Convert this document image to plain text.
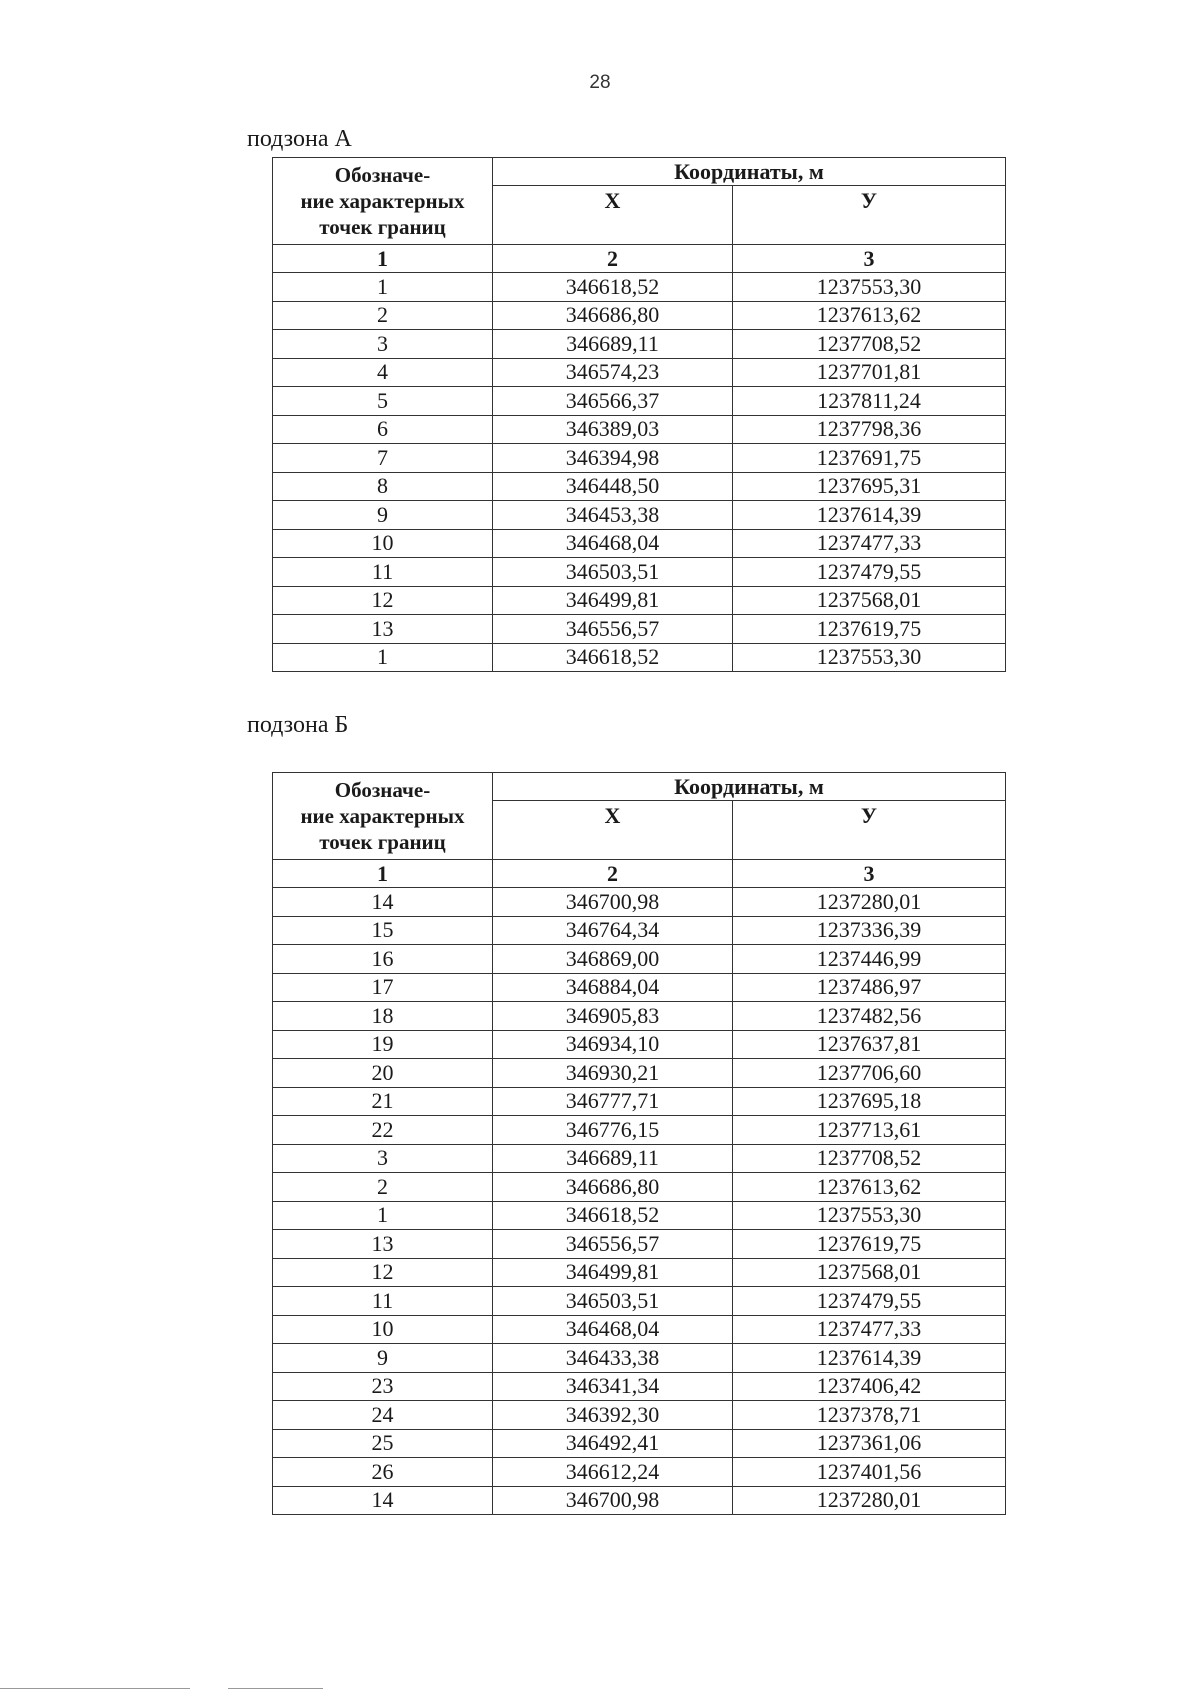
28
подзона А
Обозначе-
ние характерных
точек границ	Координаты, м	
	Х	У
1	2	3
1	346618,52	1237553,30
2	346686,80	1237613,62
3	346689,11	1237708,52
4	346574,23	1237701,81
5	346566,37	1237811,24
6	346389,03	1237798,36
7	346394,98	1237691,75
8	346448,50	1237695,31
9	346453,38	1237614,39
10	346468,04	1237477,33
11	346503,51	1237479,55
12	346499,81	1237568,01
13	346556,57	1237619,75
1	346618,52	1237553,30
подзона Б
Обозначе-
ние характерных
точек границ	Координаты, м	
	Х	У
1	2	3
14	346700,98	1237280,01
15	346764,34	1237336,39
16	346869,00	1237446,99
17	346884,04	1237486,97
18	346905,83	1237482,56
19	346934,10	1237637,81
20	346930,21	1237706,60
21	346777,71	1237695,18
22	346776,15	1237713,61
3	346689,11	1237708,52
2	346686,80	1237613,62
1	346618,52	1237553,30
13	346556,57	1237619,75
12	346499,81	1237568,01
11	346503,51	1237479,55
10	346468,04	1237477,33
9	346433,38	1237614,39
23	346341,34	1237406,42
24	346392,30	1237378,71
25	346492,41	1237361,06
26	346612,24	1237401,56
14	346700,98	1237280,01
